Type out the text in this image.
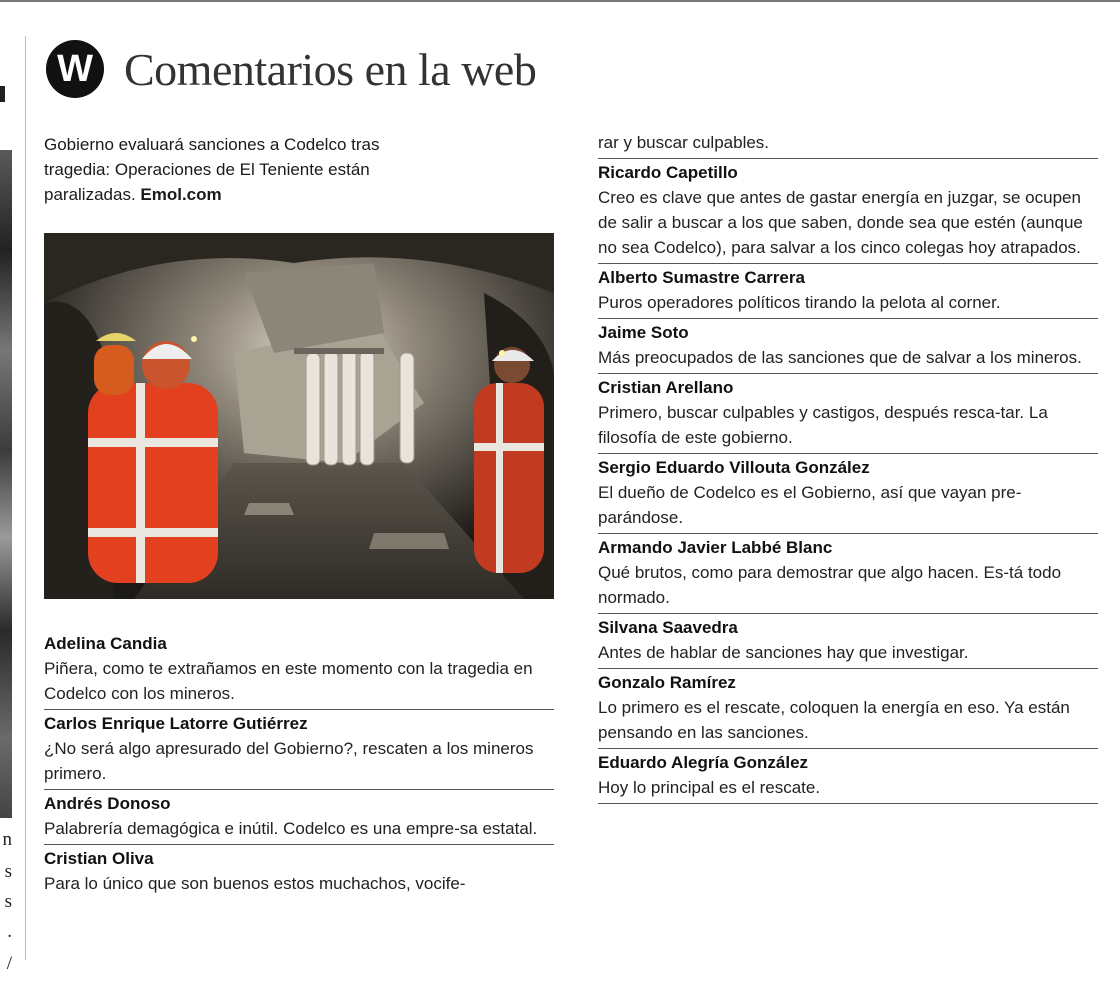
n
s
s
.
/
W Comentarios en la web
Gobierno evaluará sanciones a Codelco tras tragedia: Operaciones de El Teniente están paralizadas. Emol.com
Adelina Candia
Piñera, como te extrañamos en este momento con la tragedia en Codelco con los mineros.
Carlos Enrique Latorre Gutiérrez
¿No será algo apresurado del Gobierno?, rescaten a los mineros primero.
Andrés Donoso
Palabrería demagógica e inútil. Codelco es una empre-sa estatal.
Cristian Oliva
Para lo único que son buenos estos muchachos, vocife-
rar y buscar culpables.
Ricardo Capetillo
Creo es clave que antes de gastar energía en juzgar, se ocupen de salir a buscar a los que saben, donde sea que estén (aunque no sea Codelco), para salvar a los cinco colegas hoy atrapados.
Alberto Sumastre Carrera
Puros operadores políticos tirando la pelota al corner.
Jaime Soto
Más preocupados de las sanciones que de salvar a los mineros.
Cristian Arellano
Primero, buscar culpables y castigos, después resca-tar. La filosofía de este gobierno.
Sergio Eduardo Villouta González
El dueño de Codelco es el Gobierno, así que vayan pre-parándose.
Armando Javier Labbé Blanc
Qué brutos, como para demostrar que algo hacen. Es-tá todo normado.
Silvana Saavedra
Antes de hablar de sanciones hay que investigar.
Gonzalo Ramírez
Lo primero es el rescate, coloquen la energía en eso. Ya están pensando en las sanciones.
Eduardo Alegría González
Hoy lo principal es el rescate.
